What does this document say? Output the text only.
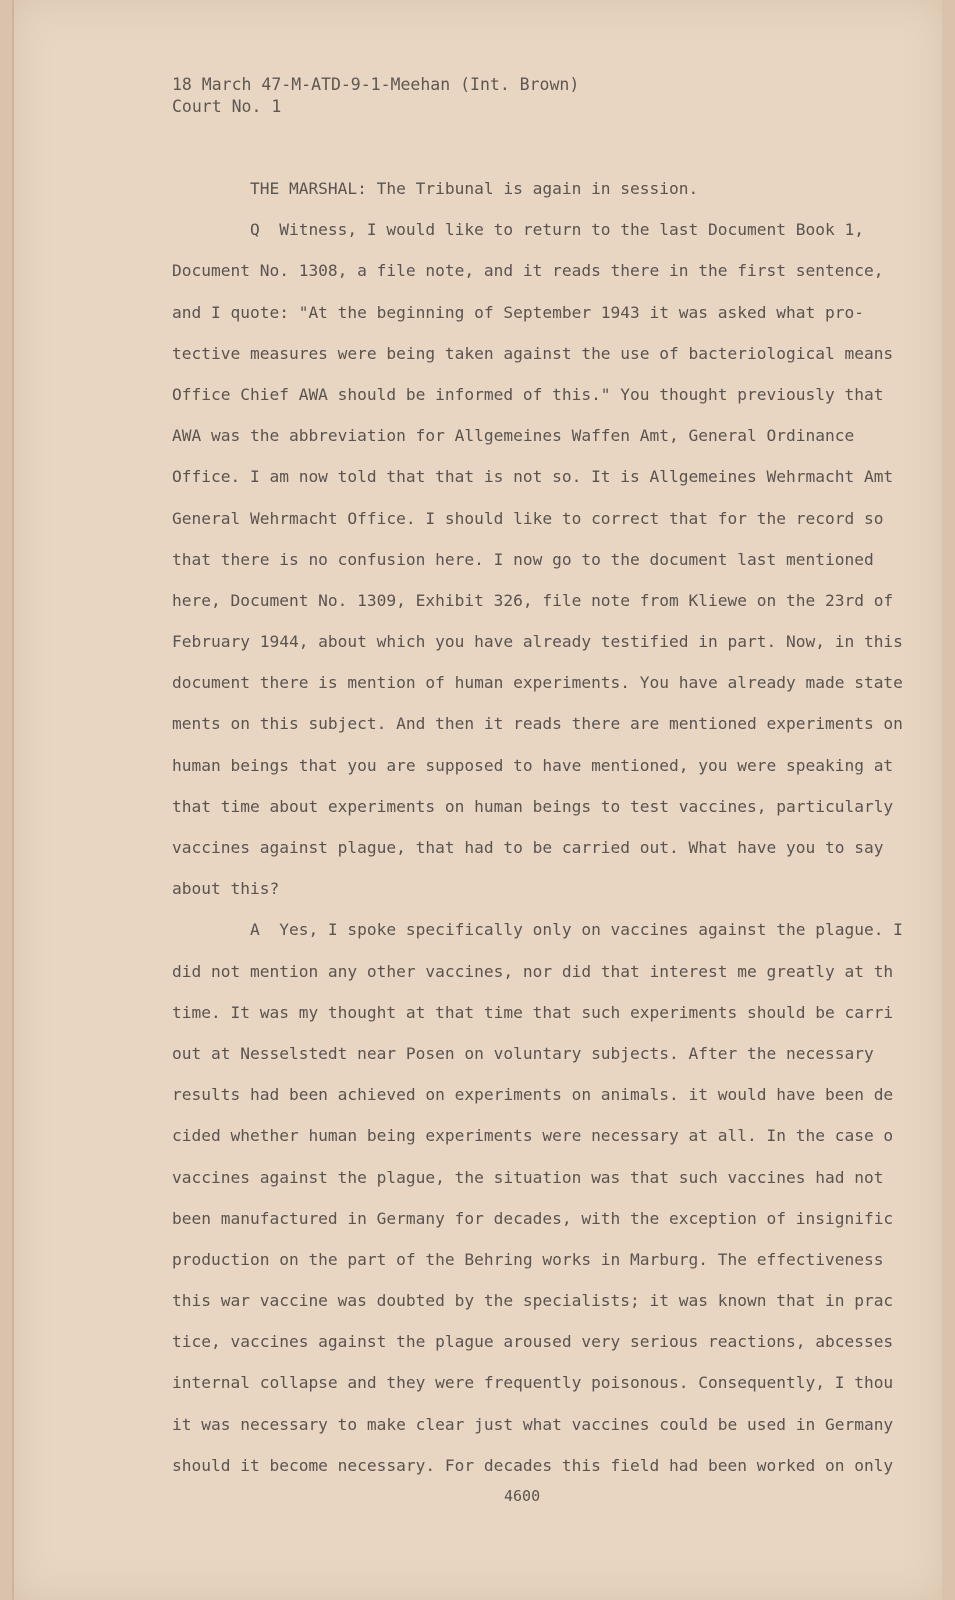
18 March 47-M-ATD-9-1-Meehan (Int. Brown)
Court No. 1
THE MARSHAL: The Tribunal is again in session.
Q  Witness, I would like to return to the last Document Book 1,
Document No. 1308, a file note, and it reads there in the first sentence,
and I quote: "At the beginning of September 1943 it was asked what pro-
tective measures were being taken against the use of bacteriological means
Office Chief AWA should be informed of this." You thought previously that
AWA was the abbreviation for Allgemeines Waffen Amt, General Ordinance
Office. I am now told that that is not so. It is Allgemeines Wehrmacht Amt
General Wehrmacht Office. I should like to correct that for the record so
that there is no confusion here. I now go to the document last mentioned
here, Document No. 1309, Exhibit 326, file note from Kliewe on the 23rd of
February 1944, about which you have already testified in part. Now, in this
document there is mention of human experiments. You have already made state
ments on this subject. And then it reads there are mentioned experiments on
human beings that you are supposed to have mentioned, you were speaking at
that time about experiments on human beings to test vaccines, particularly
vaccines against plague, that had to be carried out. What have you to say
about this?
A  Yes, I spoke specifically only on vaccines against the plague. I
did not mention any other vaccines, nor did that interest me greatly at th
time. It was my thought at that time that such experiments should be carri
out at Nesselstedt near Posen on voluntary subjects. After the necessary
results had been achieved on experiments on animals. it would have been de
cided whether human being experiments were necessary at all. In the case o
vaccines against the plague, the situation was that such vaccines had not
been manufactured in Germany for decades, with the exception of insignific
production on the part of the Behring works in Marburg. The effectiveness
this war vaccine was doubted by the specialists; it was known that in prac
tice, vaccines against the plague aroused very serious reactions, abcesses
internal collapse and they were frequently poisonous. Consequently, I thou
it was necessary to make clear just what vaccines could be used in Germany
should it become necessary. For decades this field had been worked on only
4600
